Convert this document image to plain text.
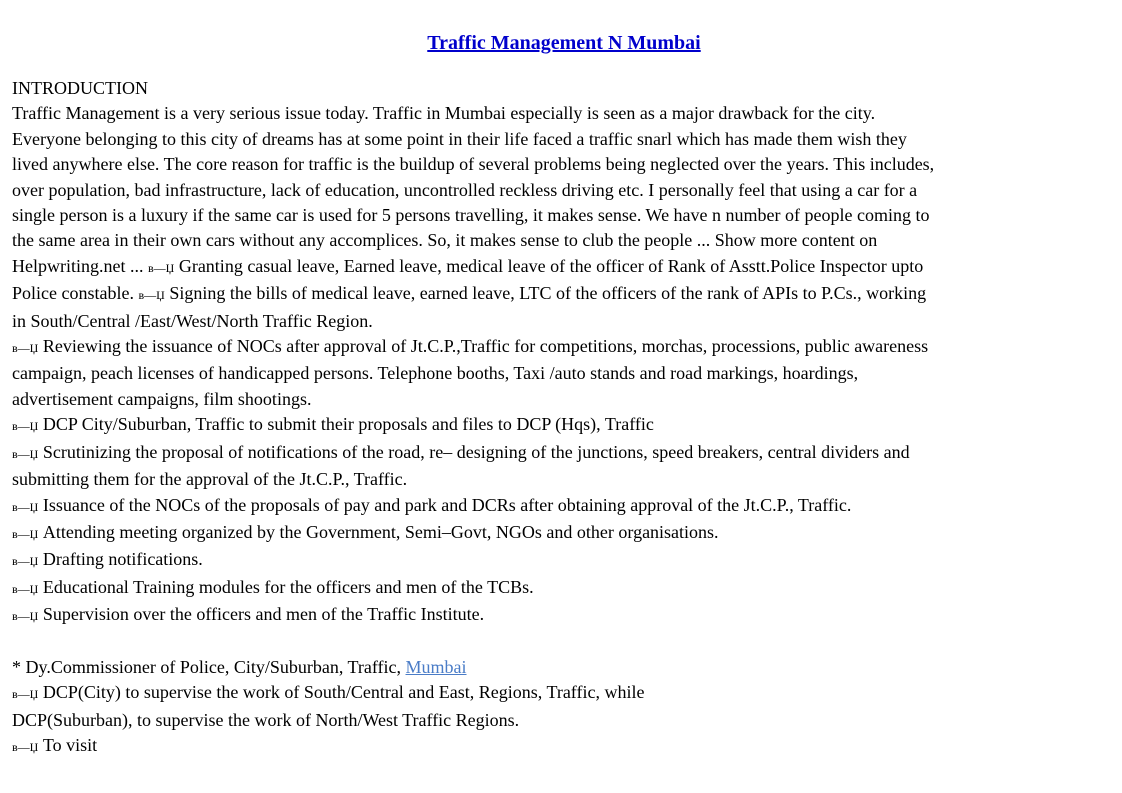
Traffic Management N Mumbai
INTRODUCTION
Traffic Management is a very serious issue today. Traffic in Mumbai especially is seen as a major drawback for the city.
Everyone belonging to this city of dreams has at some point in their life faced a traffic snarl which has made them wish they
lived anywhere else. The core reason for traffic is the buildup of several problems being neglected over the years. This includes,
over population, bad infrastructure, lack of education, uncontrolled reckless driving etc. I personally feel that using a car for a
single person is a luxury if the same car is used for 5 persons travelling, it makes sense. We have n number of people coming to
the same area in their own cars without any accomplices. So, it makes sense to club the people ... Show more content on
Helpwriting.net ... в—Џ Granting casual leave, Earned leave, medical leave of the officer of Rank of Asstt.Police Inspector upto
Police constable. в—Џ Signing the bills of medical leave, earned leave, LTC of the officers of the rank of APIs to P.Cs., working
in South/Central /East/West/North Traffic Region.
в—Џ Reviewing the issuance of NOCs after approval of Jt.C.P.,Traffic for competitions, morchas, processions, public awareness
campaign, peach licenses of handicapped persons. Telephone booths, Taxi /auto stands and road markings, hoardings,
advertisement campaigns, film shootings.
в—Џ DCP City/Suburban, Traffic to submit their proposals and files to DCP (Hqs), Traffic
в—Џ Scrutinizing the proposal of notifications of the road, re– designing of the junctions, speed breakers, central dividers and
submitting them for the approval of the Jt.C.P., Traffic.
в—Џ Issuance of the NOCs of the proposals of pay and park and DCRs after obtaining approval of the Jt.C.P., Traffic.
в—Џ Attending meeting organized by the Government, Semi–Govt, NGOs and other organisations.
в—Џ Drafting notifications.
в—Џ Educational Training modules for the officers and men of the TCBs.
в—Џ Supervision over the officers and men of the Traffic Institute.
* Dy.Commissioner of Police, City/Suburban, Traffic, Mumbai
в—Џ DCP(City) to supervise the work of South/Central and East, Regions, Traffic, while
DCP(Suburban), to supervise the work of North/West Traffic Regions.
в—Џ To visit
